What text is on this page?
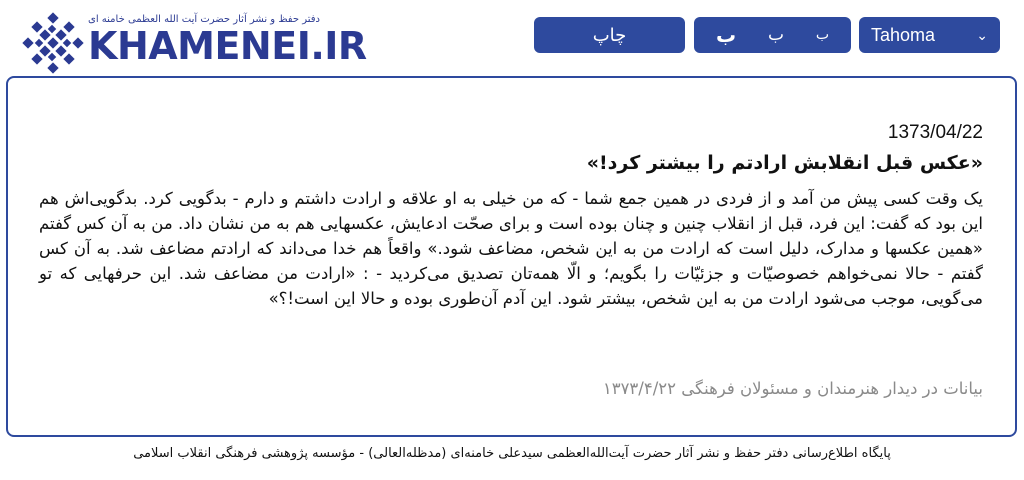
دفتر حفظ و نشر آثار حضرت آیت الله العظمی خامنه ای
KHAMENEI.IR	چاپ	ب
ب
ب	Tahoma	⌄
1373/04/22
«عکس قبل انقلابش ارادتم را بیشتر کرد!»
یک وقت کسی پیش من آمد و از فردی در همین جمع شما - که من خیلی به او علاقه و ارادت داشتم و دارم - بدگویی کرد. بدگویی‌اش هم این بود که گفت: این فرد، قبل از انقلاب چنین و چنان بوده است و برای صحّت ادعایش، عکسهایی هم به من نشان داد. من به آن کس گفتم «همین عکسها و مدارک، دلیل است که ارادت من به این شخص، مضاعف شود.» واقعاً هم خدا می‌داند که ارادتم مضاعف شد. به آن کس گفتم - حالا نمی‌خواهم خصوصیّات و جزئیّات را بگویم؛ و الّا همه‌تان تصدیق می‌کردید - : «ارادت من مضاعف شد. این حرفهایی که تو می‌گویی، موجب می‌شود ارادت من به این شخص، بیشتر شود. این آدم آن‌طوری بوده و حالا این است!؟»
بیانات در دیدار هنرمندان و مسئولان فرهنگی ۱۳۷۳/۴/۲۲
پایگاه اطلاع‌رسانی دفتر حفظ و نشر آثار حضرت آیت‌الله‌العظمی سیدعلی خامنه‌ای (مدظله‌العالی) - مؤسسه پژوهشی فرهنگی انقلاب اسلامی
